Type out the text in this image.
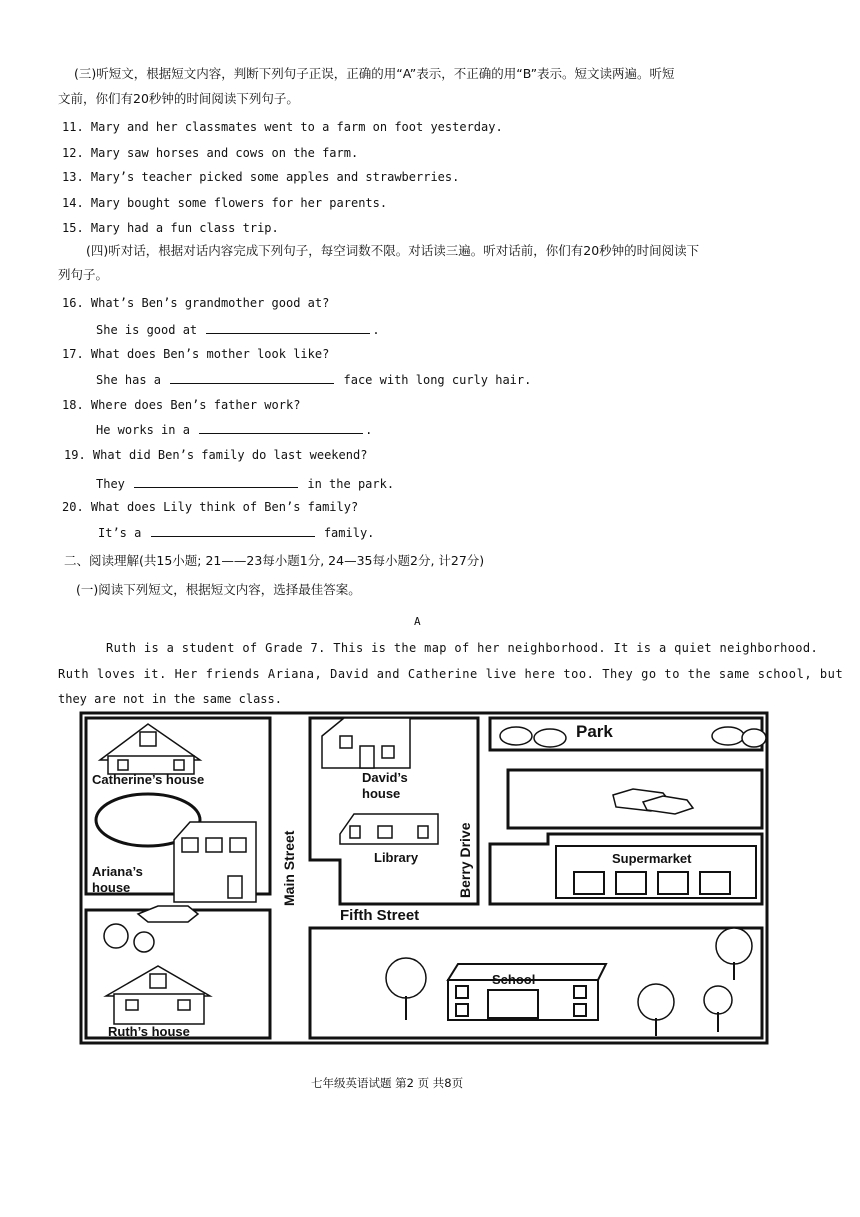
(三)听短文，根据短文内容，判断下列句子正误，正确的用“A”表示，不正确的用“B”表示。短文读两遍。听短
文前，你们有20秒钟的时间阅读下列句子。
11. Mary and her classmates went to a farm on foot yesterday.
12. Mary saw horses and cows on the farm.
13. Mary’s teacher picked some apples and strawberries.
14. Mary bought some flowers for her parents.
15. Mary had a fun class trip.
(四)听对话，根据对话内容完成下列句子，每空词数不限。对话读三遍。听对话前，你们有20秒钟的时间阅读下
列句子。
16. What’s Ben’s grandmother good at?
She is good at	.
17. What does Ben’s mother look like?
She has a	face with long curly hair.
18. Where does Ben’s father work?
He works in a	.
19. What did Ben’s family do last weekend?
They	in the park.
20. What does Lily think of Ben’s family?
It’s a	family.
二、阅读理解(共15小题; 21——23每小题1分, 24—35每小题2分, 计27分)
(一)阅读下列短文，根据短文内容，选择最佳答案。
A
Ruth is a student of Grade 7. This is the map of her neighborhood. It is a quiet neighborhood.
Ruth loves it. Her friends Ariana, David and Catherine live here too. They go to the same school, but
they are not in the same class.
Park
Catherine’s house
Ariana’s
house
Ruth’s house
David’s
house
Library
Main Street	Berry Drive
Fifth Street
Supermarket
School
七年级英语试题 第2 页 共8页
